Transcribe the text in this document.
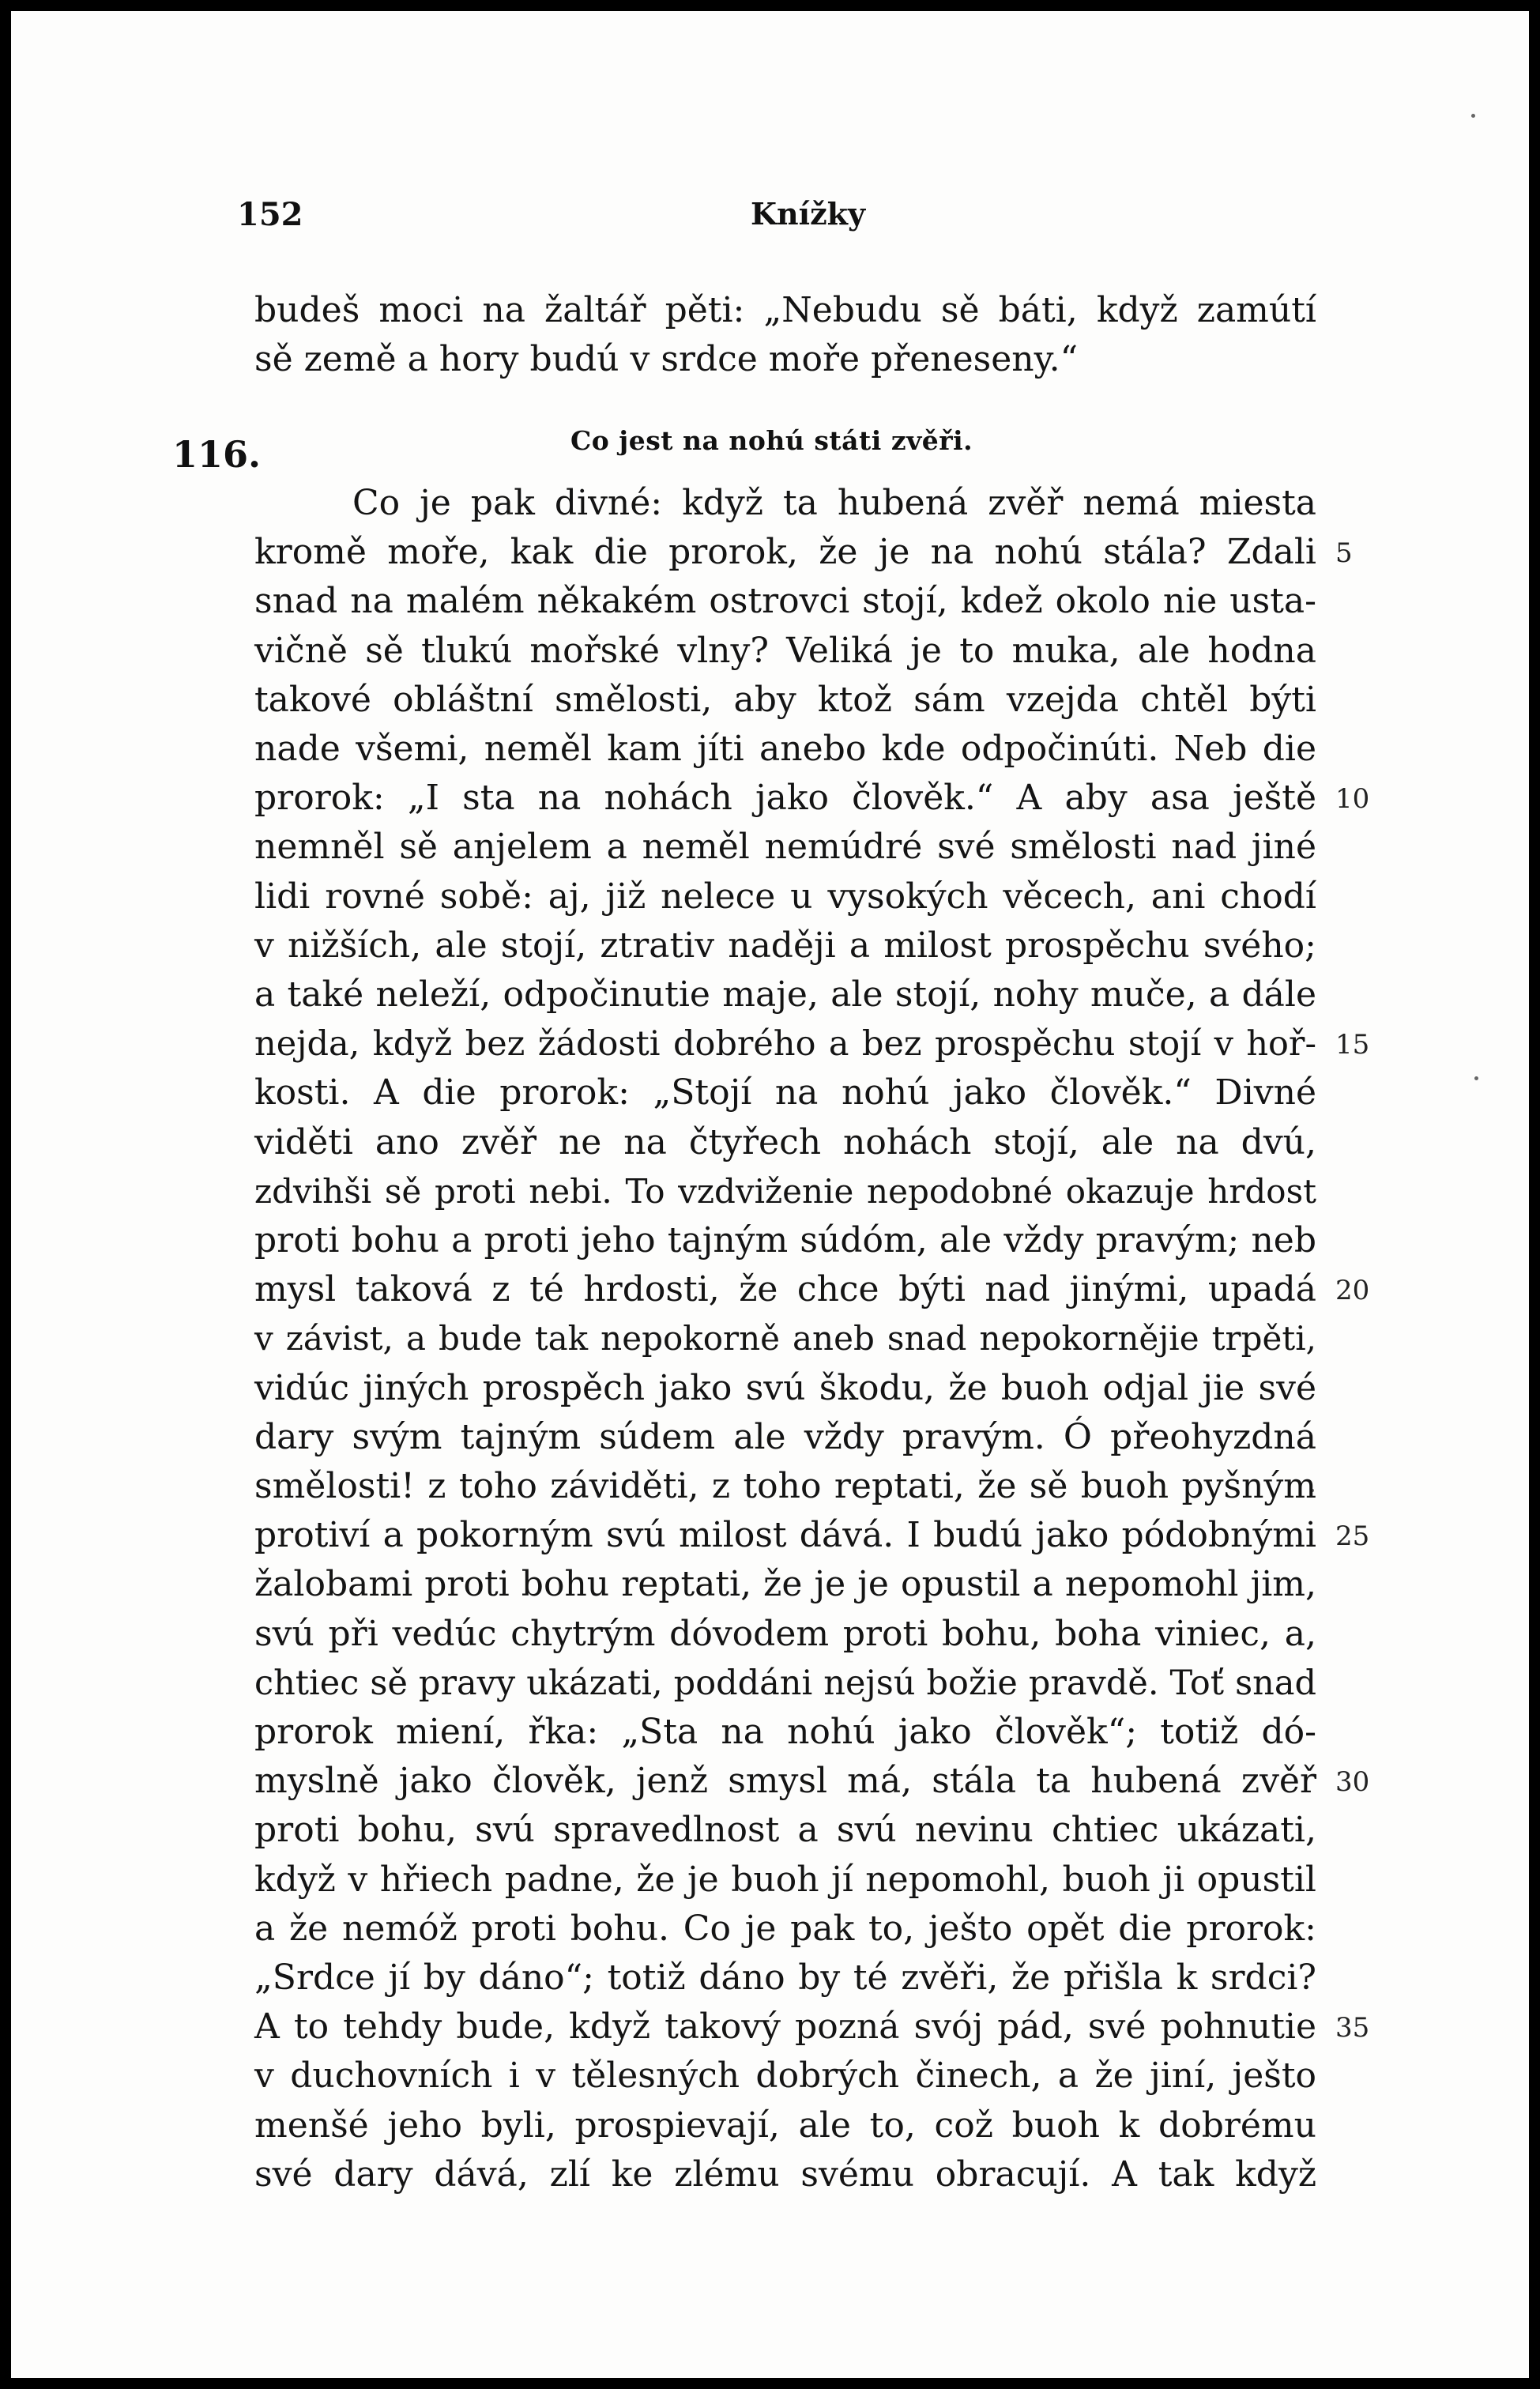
152	Knížky
budeš moci na žaltář pěti: „Nebudu sě báti, když zamútí
sě země a hory budú v srdce moře přeneseny.“
116.	Co jest na nohú státi zvěři.
Co je pak divné: když ta hubená zvěř nemá miesta
kromě moře, kak die prorok, že je na nohú stála? Zdali
snad na malém někakém ostrovci stojí, kdež okolo nie usta-
vičně sě tlukú mořské vlny? Veliká je to muka, ale hodna
takové obláštní smělosti, aby ktož sám vzejda chtěl býti
nade všemi, neměl kam jíti anebo kde odpočinúti. Neb die
prorok: „I sta na nohách jako člověk.“ A aby asa ještě
nemněl sě anjelem a neměl nemúdré své smělosti nad jiné
lidi rovné sobě: aj, již nelece u vysokých věcech, ani chodí
v nižších, ale stojí, ztrativ naději a milost prospěchu svého;
a také neleží, odpočinutie maje, ale stojí, nohy muče, a dále
nejda, když bez žádosti dobrého a bez prospěchu stojí v hoř-
kosti. A die prorok: „Stojí na nohú jako člověk.“ Divné
viděti ano zvěř ne na čtyřech nohách stojí, ale na dvú,
zdvihši sě proti nebi. To vzdviženie nepodobné okazuje hrdost
proti bohu a proti jeho tajným súdóm, ale vždy pravým; neb
mysl taková z té hrdosti, že chce býti nad jinými, upadá
v závist, a bude tak nepokorně aneb snad nepokornějie trpěti,
vidúc jiných prospěch jako svú škodu, že buoh odjal jie své
dary svým tajným súdem ale vždy pravým. Ó přeohyzdná
smělosti! z toho záviděti, z toho reptati, že sě buoh pyšným
protiví a pokorným svú milost dává. I budú jako pódobnými
žalobami proti bohu reptati, že je je opustil a nepomohl jim,
svú při vedúc chytrým dóvodem proti bohu, boha viniec, a,
chtiec sě pravy ukázati, poddáni nejsú božie pravdě. Toť snad
prorok mienı́, řka: „Sta na nohú jako člověk“; totiž dó-
myslně jako člověk, jenž smysl má, stála ta hubená zvěř
proti bohu, svú spravedlnost a svú nevinu chtiec ukázati,
když v hřiech padne, že je buoh jí nepomohl, buoh ji opustil
a že nemóž proti bohu. Co je pak to, ješto opět die prorok:
„Srdce jí by dáno“; totiž dáno by té zvěři, že přišla k srdci?
A to tehdy bude, když takový pozná svój pád, své pohnutie
v duchovních i v tělesných dobrých činech, a že jiní, ješto
menšé jeho byli, prospievají, ale to, což buoh k dobrému
své dary dává, zlí ke zlému svému obracují. A tak když
5
10
15
20
25
30
35
